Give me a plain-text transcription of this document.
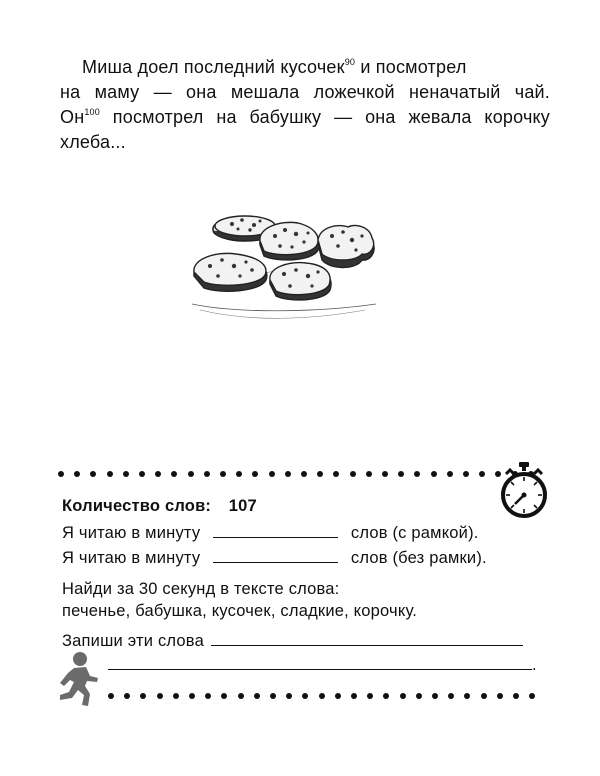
Миша доел последний кусочек$^{90}$ и посмотрел
на маму — она мешала ложечкой неначатый чай.
$Он^{100}$ посмотрел на бабушку — она жевала корочку
хлеба...
Количество слов: 107
Я читаю в минуту	слов (с рамкой).
Я читаю в минуту	слов (без рамки).
Найди за 30 секунд в тексте слова:
печенье, бабушка, кусочек, сладкие, корочку.
Запиши эти слова
.
